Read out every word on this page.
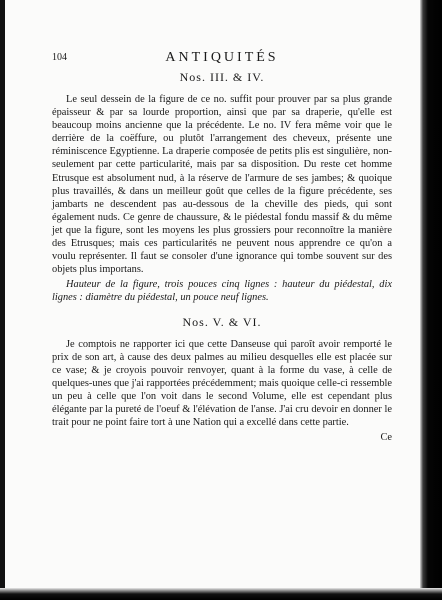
104	ANTIQUITÉS
Nos. III. & IV.

Le seul dessein de la figure de ce no. suffit pour prouver par sa plus grande épaisseur & par sa lourde proportion, ainsi que par sa draperie, qu'elle est beaucoup moins ancienne que la précédente. Le no. IV fera même voir que le derrière de la coëffure, ou plutôt l'arrangement des cheveux, présente une réminiscence Egyptienne. La draperie composée de petits plis est singulière, non-seulement par cette particularité, mais par sa disposition. Du reste cet homme Etrusque est absolument nud, à la réserve de l'armure de ses jambes; & quoique plus travaillés, & dans un meilleur goût que celles de la figure précédente, ses jambarts ne descendent pas au-dessous de la cheville des pieds, qui sont également nuds. Ce genre de chaussure, & le piédestal fondu massif & du même jet que la figure, sont les moyens les plus grossiers pour reconnoître la manière des Etrusques; mais ces particularités ne peuvent nous apprendre ce qu'on a voulu représenter. Il faut se consoler d'une ignorance qui tombe souvent sur des objets plus importans.

Hauteur de la figure, trois pouces cinq lignes : hauteur du piédestal, dix lignes : diamètre du piédestal, un pouce neuf lignes.

Nos. V. & VI.

Je comptois ne rapporter ici que cette Danseuse qui paroît avoir remporté le prix de son art, à cause des deux palmes au milieu desquelles elle est placée sur ce vase; & je croyois pouvoir renvoyer, quant à la forme du vase, à celle de quelques-unes que j'ai rapportées précédemment; mais quoique celle-ci ressemble un peu à celle que l'on voit dans le second Volume, elle est cependant plus élégante par la pureté de l'oeuf & l'élévation de l'anse. J'ai cru devoir en donner le trait pour ne point faire tort à une Nation qui a excellé dans cette partie.

Ce
